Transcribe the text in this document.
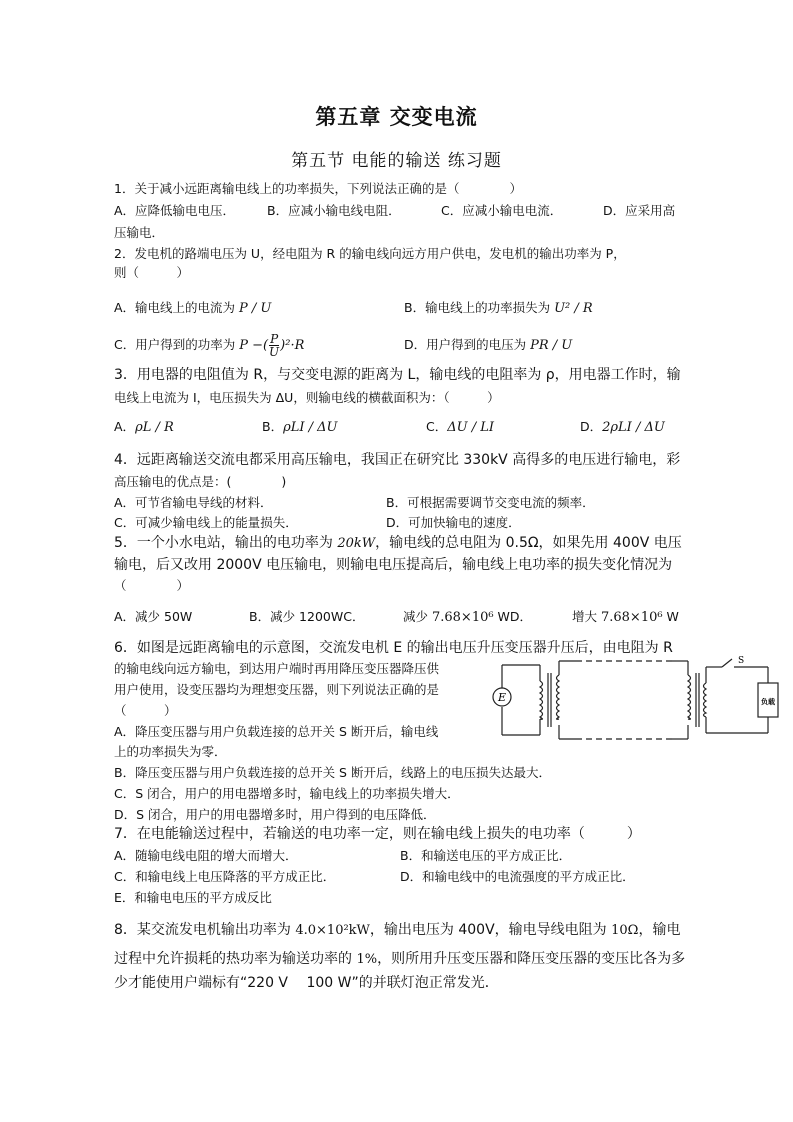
第五章 交变电流
第五节 电能的输送 练习题
1．关于减小远距离输电线上的功率损失，下列说法正确的是（　　　　）
A．应降低输电电压．	B．应减小输电线电阻．	C．应减小输电电流．	D．应采用高
压输电．
2．发电机的路端电压为 U，经电阻为 R 的输电线向远方用户供电，发电机的输出功率为 P，
则（　　　）
A．输电线上的电流为 P / U	B．输电线上的功率损失为 U² / R
C．用户得到的功率为 P −( $\frac{P}{U} )^2\cdot R$	D．用户得到的电压为 PR / U
3．用电器的电阻值为 R，与交变电源的距离为 L，输电线的电阻率为 ρ，用电器工作时，输
电线上电流为 I，电压损失为 ΔU，则输电线的横截面积为：（　　　）
A．ρL / R	B．ρLI / ΔU	C．ΔU / LI	D．2ρLI / ΔU
4．远距离输送交流电都采用高压输电，我国正在研究比 330kV 高得多的电压进行输电，彩
高压输电的优点是：(　　　　)
A．可节省输电导线的材料．	B．可根据需要调节交变电流的频率．
C．可减少输电线上的能量损失．	D．可加快输电的速度．
5．一个小水电站，输出的电功率为 20kW，输电线的总电阻为 0.5Ω，如果先用 400V 电压
输电，后又改用 2000V 电压输电，则输电电压提高后，输电线上电功率的损失变化情况为
（　　　　）
A．减少 50W	B．减少 1200WC．	减少 7.68×10⁶ WD．	增大 7.68×10⁶ W
6．如图是远距离输电的示意图，交流发电机 E 的输出电压升压变压器升压后，由电阻为 R
的输电线向远方输电，到达用户端时再用降压变压器降压供
用户使用，设变压器均为理想变压器，则下列说法正确的是
（　　　）
A．降压变压器与用户负载连接的总开关 S 断开后，输电线
上的功率损失为零．
B．降压变压器与用户负载连接的总开关 S 断开后，线路上的电压损失达最大．
C．S 闭合，用户的用电器增多时，输电线上的功率损失增大．
D．S 闭合，用户的用电器增多时，用户得到的电压降低．
E
S
负载
7．在电能输送过程中，若输送的电功率一定，则在输电线上损失的电功率（　　　）
A．随输电线电阻的增大而增大．	B．和输送电压的平方成正比．
C．和输电线上电压降落的平方成正比．	D．和输电线中的电流强度的平方成正比．
E．和输电电压的平方成反比
8．某交流发电机输出功率为 4.0×10²kW，输出电压为 400V，输电导线电阻为 10Ω，输电
过程中允许损耗的热功率为输送功率的 1%，则所用升压变压器和降压变压器的变压比各为多
少才能使用户端标有“220 V　 100 W”的并联灯泡正常发光．
